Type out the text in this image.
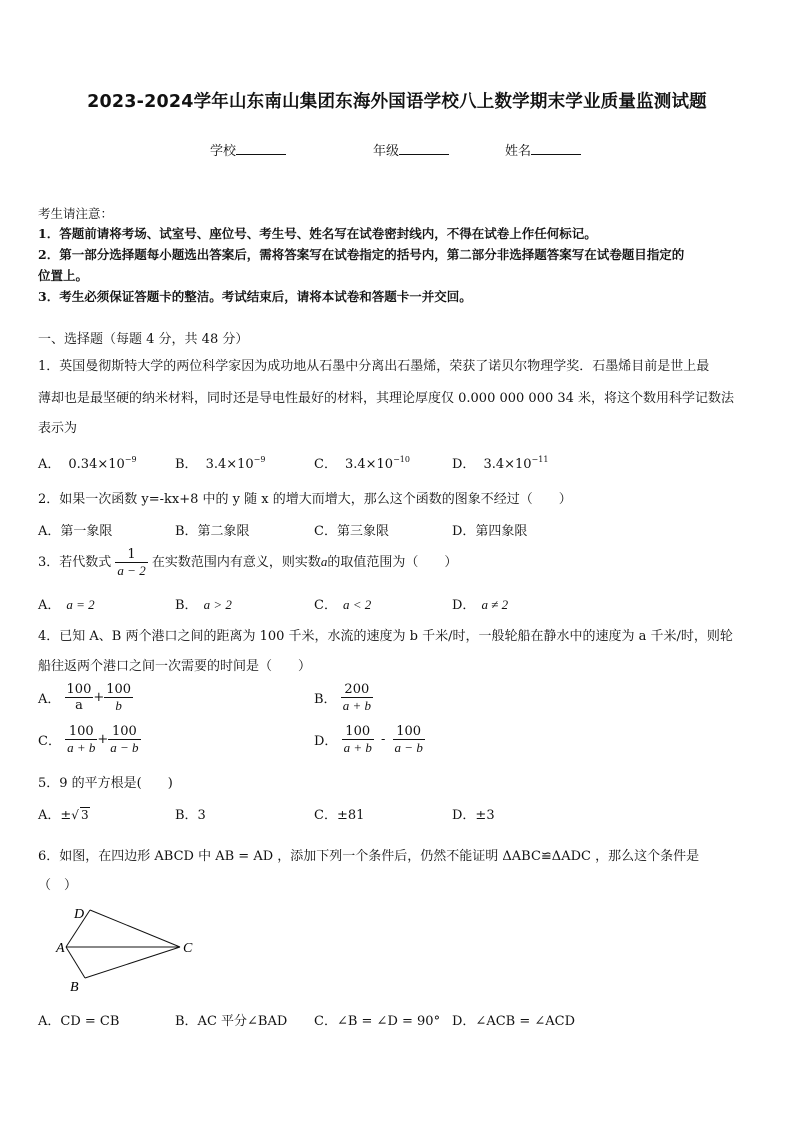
2023-2024学年山东南山集团东海外国语学校八上数学期末学业质量监测试题
学校	年级	姓名
考生请注意：
1．答题前请将考场、试室号、座位号、考生号、姓名写在试卷密封线内，不得在试卷上作任何标记。
2．第一部分选择题每小题选出答案后，需将答案写在试卷指定的括号内，第二部分非选择题答案写在试卷题目指定的
位置上。
3．考生必须保证答题卡的整洁。考试结束后，请将本试卷和答题卡一并交回。
一、选择题（每题 4 分，共 48 分）
1．英国曼彻斯特大学的两位科学家因为成功地从石墨中分离出石墨烯，荣获了诺贝尔物理学奖．石墨烯目前是世上最
薄却也是最坚硬的纳米材料，同时还是导电性最好的材料，其理论厚度仅 0.000 000 000 34 米，将这个数用科学记数法
表示为
A． $0.34\times 10^{-9}$	B． $3.4\times 10^{-9}$	C． $3.4\times 10^{-10}$	D． $3.4\times 10^{-11}$
2．如果一次函数 y=-kx+8 中的 y 随 x 的增大而增大，那么这个函数的图象不经过（　　）
A．第一象限	B．第二象限	C．第三象限	D．第四象限
3．若代数式 $\frac{1}{a - 2}$ 在实数范围内有意义，则实数a的取值范围为（　　）
A． a = 2	B． a > 2	C． a < 2	D． a ≠ 2
4．已知 A、B 两个港口之间的距离为 100 千米，水流的速度为 b 千米/时，一般轮船在静水中的速度为 a 千米/时，则轮
船往返两个港口之间一次需要的时间是（　　）
A． $\frac{100}{a} + \frac{100}{b}$	B． $\frac{200}{a + b}$
C． $\frac{100}{a + b} + \frac{100}{a - b}$	D． $\frac{100}{a + b} - \frac{100}{a - b}$
5．9 的平方根是(　　)
A．±√ 3	B．3	C．±81	D．±3
6．如图，在四边形 ABCD 中 AB = AD ，添加下列一个条件后，仍然不能证明 ΔABC≌ΔADC ，那么这个条件是
（　）
D
A	C
B
A．CD = CB	B．AC 平分∠BAD C．∠B = ∠D = 90° D．∠ACB = ∠ACD
